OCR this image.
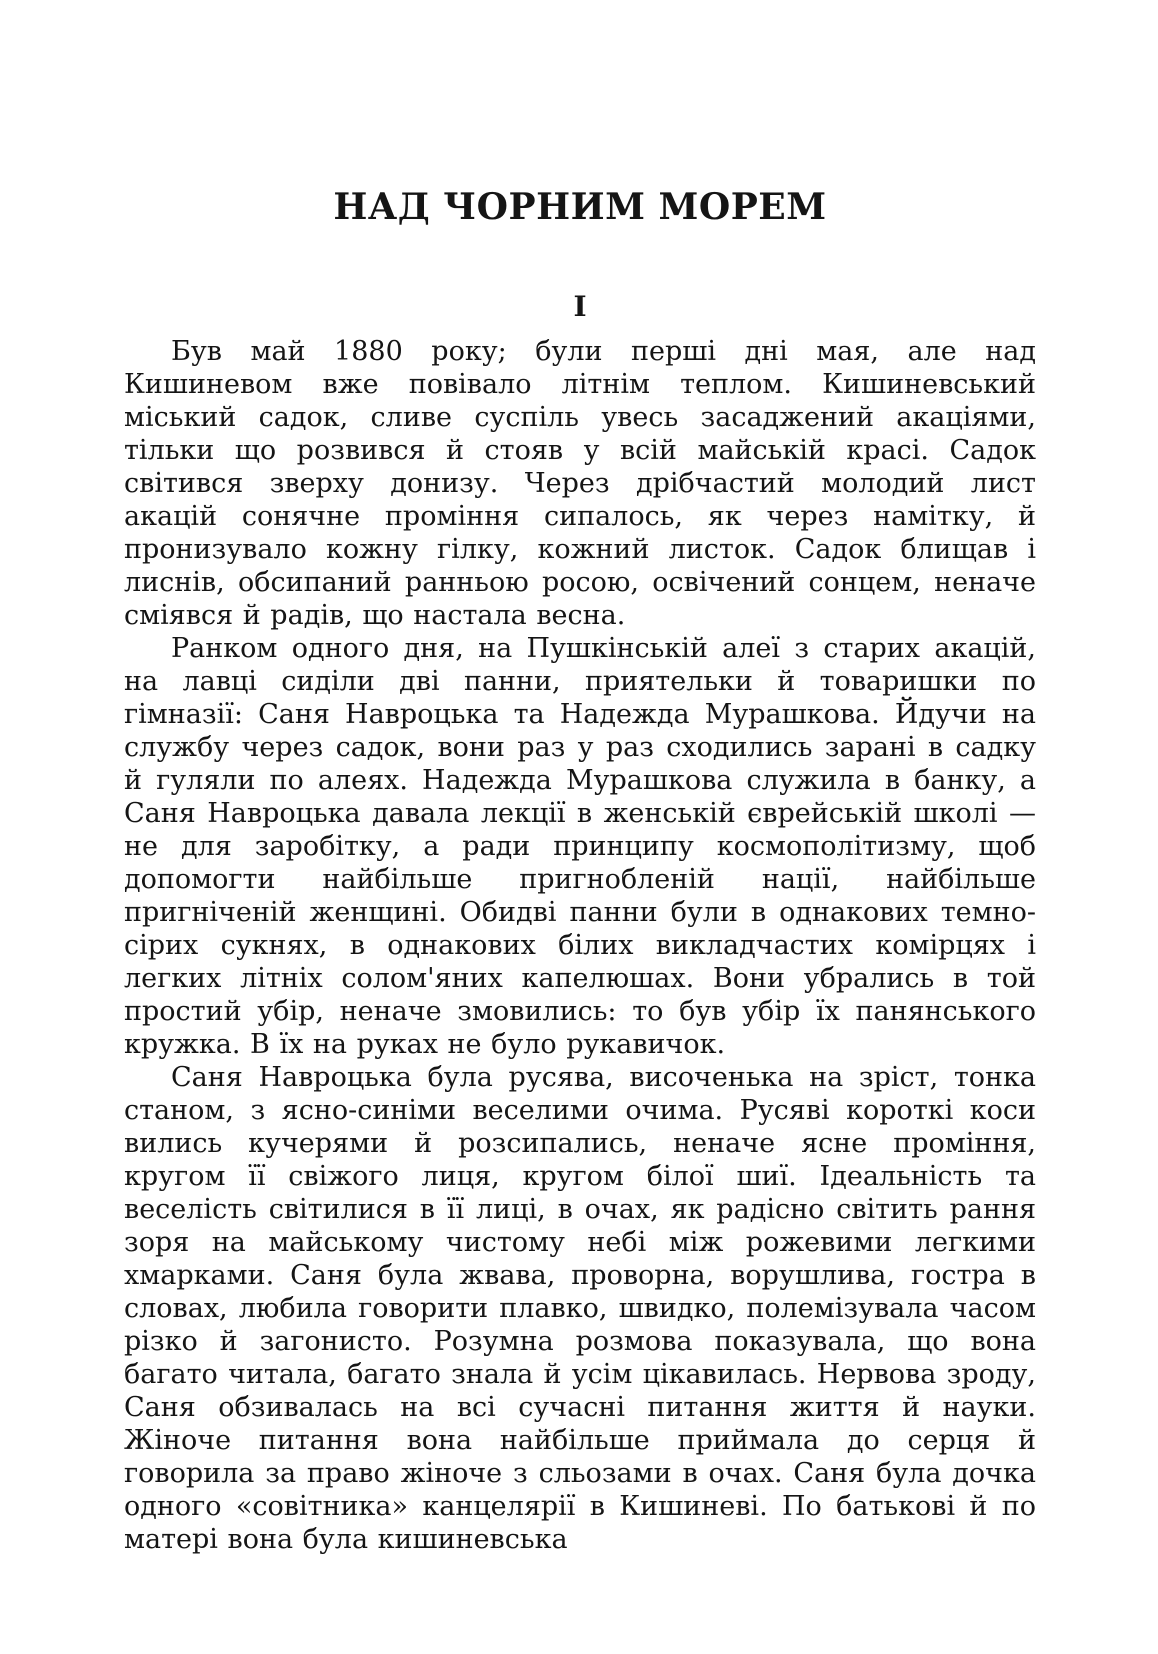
НАД ЧОРНИМ МОРЕМ
I

Був май 1880 року; були перші дні мая, але над Кишиневом вже повівало літнім теплом. Кишиневський міський садок, сливе суспіль увесь засаджений акаціями, тільки що розвився й стояв у всій майській красі. Садок світився зверху донизу. Через дрібчастий молодий лист акацій сонячне проміння сипалось, як через намітку, й пронизувало кожну гілку, кожний листок. Садок блищав і лиснів, обсипаний ранньою росою, освічений сонцем, неначе сміявся й радів, що настала весна.

Ранком одного дня, на Пушкінській алеї з старих акацій, на лавці сиділи дві панни, приятельки й товаришки по гімназії: Саня Навроцька та Надежда Мурашкова. Йдучи на службу через садок, вони раз у раз сходились зарані в садку й гуляли по алеях. Надежда Мурашкова служила в банку, а Саня Навроцька давала лекції в женській єврейській школі — не для заробітку, а ради принципу космополітизму, щоб допомогти найбільше пригнобленій нації, найбільше пригніченій женщині. Обидві панни були в однакових темно-сірих сукнях, в однакових білих викладчастих комірцях і легких літніх солом'яних капелюшах. Вони убрались в той простий убір, неначе змовились: то був убір їх панянського кружка. В їх на руках не було рукавичок.

Саня Навроцька була русява, височенька на зріст, тонка станом, з ясно-синіми веселими очима. Русяві короткі коси вились кучерями й розсипались, неначе ясне проміння, кругом її свіжого лиця, кругом білої шиї. Ідеальність та веселість світилися в її лиці, в очах, як радісно світить рання зоря на майському чистому небі між рожевими легкими хмарками. Саня була жвава, проворна, ворушлива, гостра в словах, любила говорити плавко, швидко, полемізувала часом різко й загонисто. Розумна розмова показувала, що вона багато читала, багато знала й усім цікавилась. Нервова зроду, Саня обзивалась на всі сучасні питання життя й науки. Жіноче питання вона найбільше приймала до серця й говорила за право жіноче з сльозами в очах. Саня була дочка одного «совітника» канцелярії в Кишиневі. По батькові й по матері вона була кишиневська
